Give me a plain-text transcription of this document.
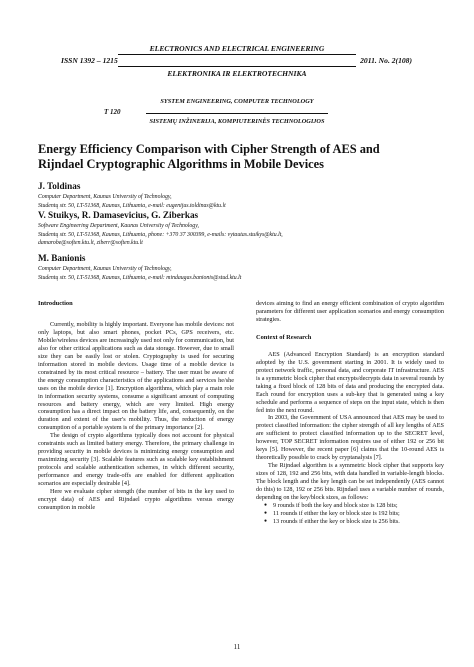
ELECTRONICS AND ELECTRICAL ENGINEERING
ISSN 1392 – 1215	2011. No. 2(108)
ELEKTRONIKA IR ELEKTROTECHNIKA
SYSTEM ENGINEERING, COMPUTER TECHNOLOGY
T 120
SISTEMŲ INŽINERIJA, KOMPIUTERINĖS TECHNOLOGIJOS
Energy Efficiency Comparison with Cipher Strength of AES and
Rijndael Cryptographic Algorithms in Mobile Devices
J. Toldinas
Computer Department, Kaunas University of Technology,
Studentų str. 50, LT-51368, Kaunas, Lithuania, e-mail: eugenijus.toldinas@ktu.lt
V. Stuikys, R. Damasevicius, G. Ziberkas
Software Engineering Department, Kaunas University of Technology,
Studentų str. 50, LT-51368, Kaunas, Lithuania, phone: +370 37 300399, e-mails: vytautas.stuikys@ktu.lt,
damarobe@soften.ktu.lt, ziberr@soften.ktu.lt
M. Banionis
Computer Department, Kaunas University of Technology,
Studentų str. 50, LT-51368, Kaunas, Lithuania, e-mail: mindaugas.banionis@stud.ktu.lt
Introduction

Currently, mobility is highly important. Everyone has mobile devices: not only laptops, but also smart phones, pocket PCs, GPS receivers, etc. Mobile/wireless devices are increasingly used not only for communication, but also for other critical applications such as data storage. However, due to small size they can be easily lost or stolen. Cryptography is used for securing information stored in mobile devices. Usage time of a mobile device is constrained by its most critical resource – battery. The user must be aware of the energy consumption characteristics of the applications and services he/she uses on the mobile device [1]. Encryption algorithms, which play a main role in information security systems, consume a significant amount of computing resources and battery energy, which are very limited. High energy consumption has a direct impact on the battery life, and, consequently, on the duration and extent of the user's mobility. Thus, the reduction of energy consumption of a portable system is of the primary importance [2].

The design of crypto algorithms typically does not account for physical constraints such as limited battery energy. Therefore, the primary challenge in providing security in mobile devices is minimizing energy consumption and maximizing security [3]. Scalable features such as scalable key establishment protocols and scalable authentication schemes, in which different security, performance and energy trade-offs are enabled for different application scenarios are especially desirable [4].

Here we evaluate cipher strength (the number of bits in the key used to encrypt data) of AES and Rijndael crypto algorithms versus energy consumption in mobile

devices aiming to find an energy efficient combination of crypto algorithm parameters for different user application scenarios and energy consumption strategies.

Context of Research

AES (Advanced Encryption Standard) is an encryption standard adopted by the U.S. government starting in 2001. It is widely used to protect network traffic, personal data, and corporate IT infrastructure. AES is a symmetric block cipher that encrypts/decrypts data in several rounds by taking a fixed block of 128 bits of data and producing the encrypted data. Each round for encryption uses a sub-key that is generated using a key schedule and performs a sequence of steps on the input state, which is then fed into the next round.

In 2003, the Government of USA announced that AES may be used to protect classified information: the cipher strength of all key lengths of AES are sufficient to protect classified information up to the SECRET level, however, TOP SECRET information requires use of either 192 or 256 bit keys [5]. However, the recent paper [6] claims that the 10-round AES is theoretically possible to crack by cryptanalysis [7].

The Rijndael algorithm is a symmetric block cipher that supports key sizes of 128, 192 and 256 bits, with data handled in variable-length blocks. The block length and the key length can be set independently (AES cannot do this) to 128, 192 or 256 bits. Rijndael uses a variable number of rounds, depending on the key/block sizes, as follows:

● 9 rounds if both the key and block size is 128 bits;
● 11 rounds if either the key or block size is 192 bits;
● 13 rounds if either the key or block size is 256 bits.
11
